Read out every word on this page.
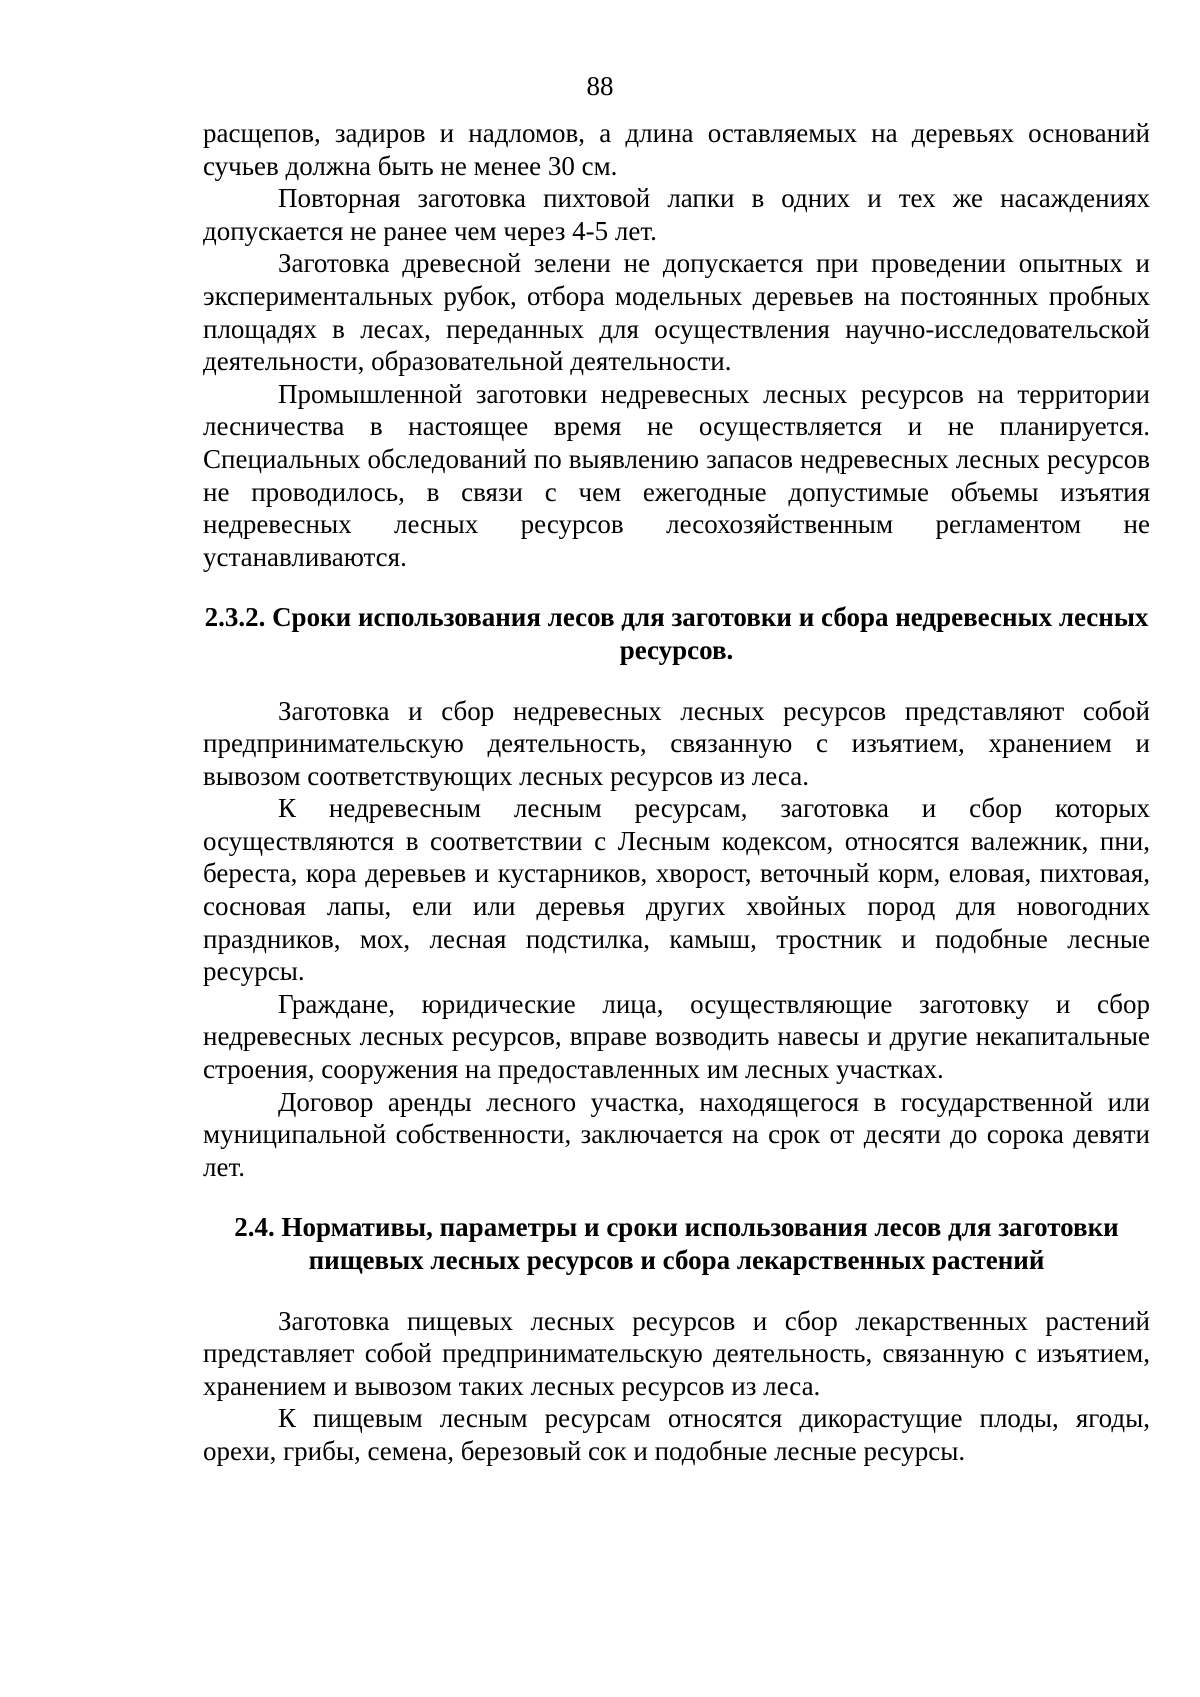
88

расщепов, задиров и надломов, а длина оставляемых на деревьях оснований сучьев должна быть не менее 30 см.

Повторная заготовка пихтовой лапки в одних и тех же насаждениях допускается не ранее чем через 4-5 лет.

Заготовка древесной зелени не допускается при проведении опытных и экспериментальных рубок, отбора модельных деревьев на постоянных пробных площадях в лесах, переданных для осуществления научно-исследовательской деятельности, образовательной деятельности.

Промышленной заготовки недревесных лесных ресурсов на территории лесничества в настоящее время не осуществляется и не планируется. Специальных обследований по выявлению запасов недревесных лесных ресурсов не проводилось, в связи с чем ежегодные допустимые объемы изъятия недревесных лесных ресурсов лесохозяйственным регламентом не устанавливаются.

2.3.2. Сроки использования лесов для заготовки и сбора недревесных лесных ресурсов.

Заготовка и сбор недревесных лесных ресурсов представляют собой предпринимательскую деятельность, связанную с изъятием, хранением и вывозом соответствующих лесных ресурсов из леса.

К недревесным лесным ресурсам, заготовка и сбор которых осуществляются в соответствии с Лесным кодексом, относятся валежник, пни, береста, кора деревьев и кустарников, хворост, веточный корм, еловая, пихтовая, сосновая лапы, ели или деревья других хвойных пород для новогодних праздников, мох, лесная подстилка, камыш, тростник и подобные лесные ресурсы.

Граждане, юридические лица, осуществляющие заготовку и сбор недревесных лесных ресурсов, вправе возводить навесы и другие некапитальные строения, сооружения на предоставленных им лесных участках.

Договор аренды лесного участка, находящегося в государственной или муниципальной собственности, заключается на срок от десяти до сорока девяти лет.

2.4. Нормативы, параметры и сроки использования лесов для заготовки пищевых лесных ресурсов и сбора лекарственных растений

Заготовка пищевых лесных ресурсов и сбор лекарственных растений представляет собой предпринимательскую деятельность, связанную с изъятием, хранением и вывозом таких лесных ресурсов из леса.

К пищевым лесным ресурсам относятся дикорастущие плоды, ягоды, орехи, грибы, семена, березовый сок и подобные лесные ресурсы.
